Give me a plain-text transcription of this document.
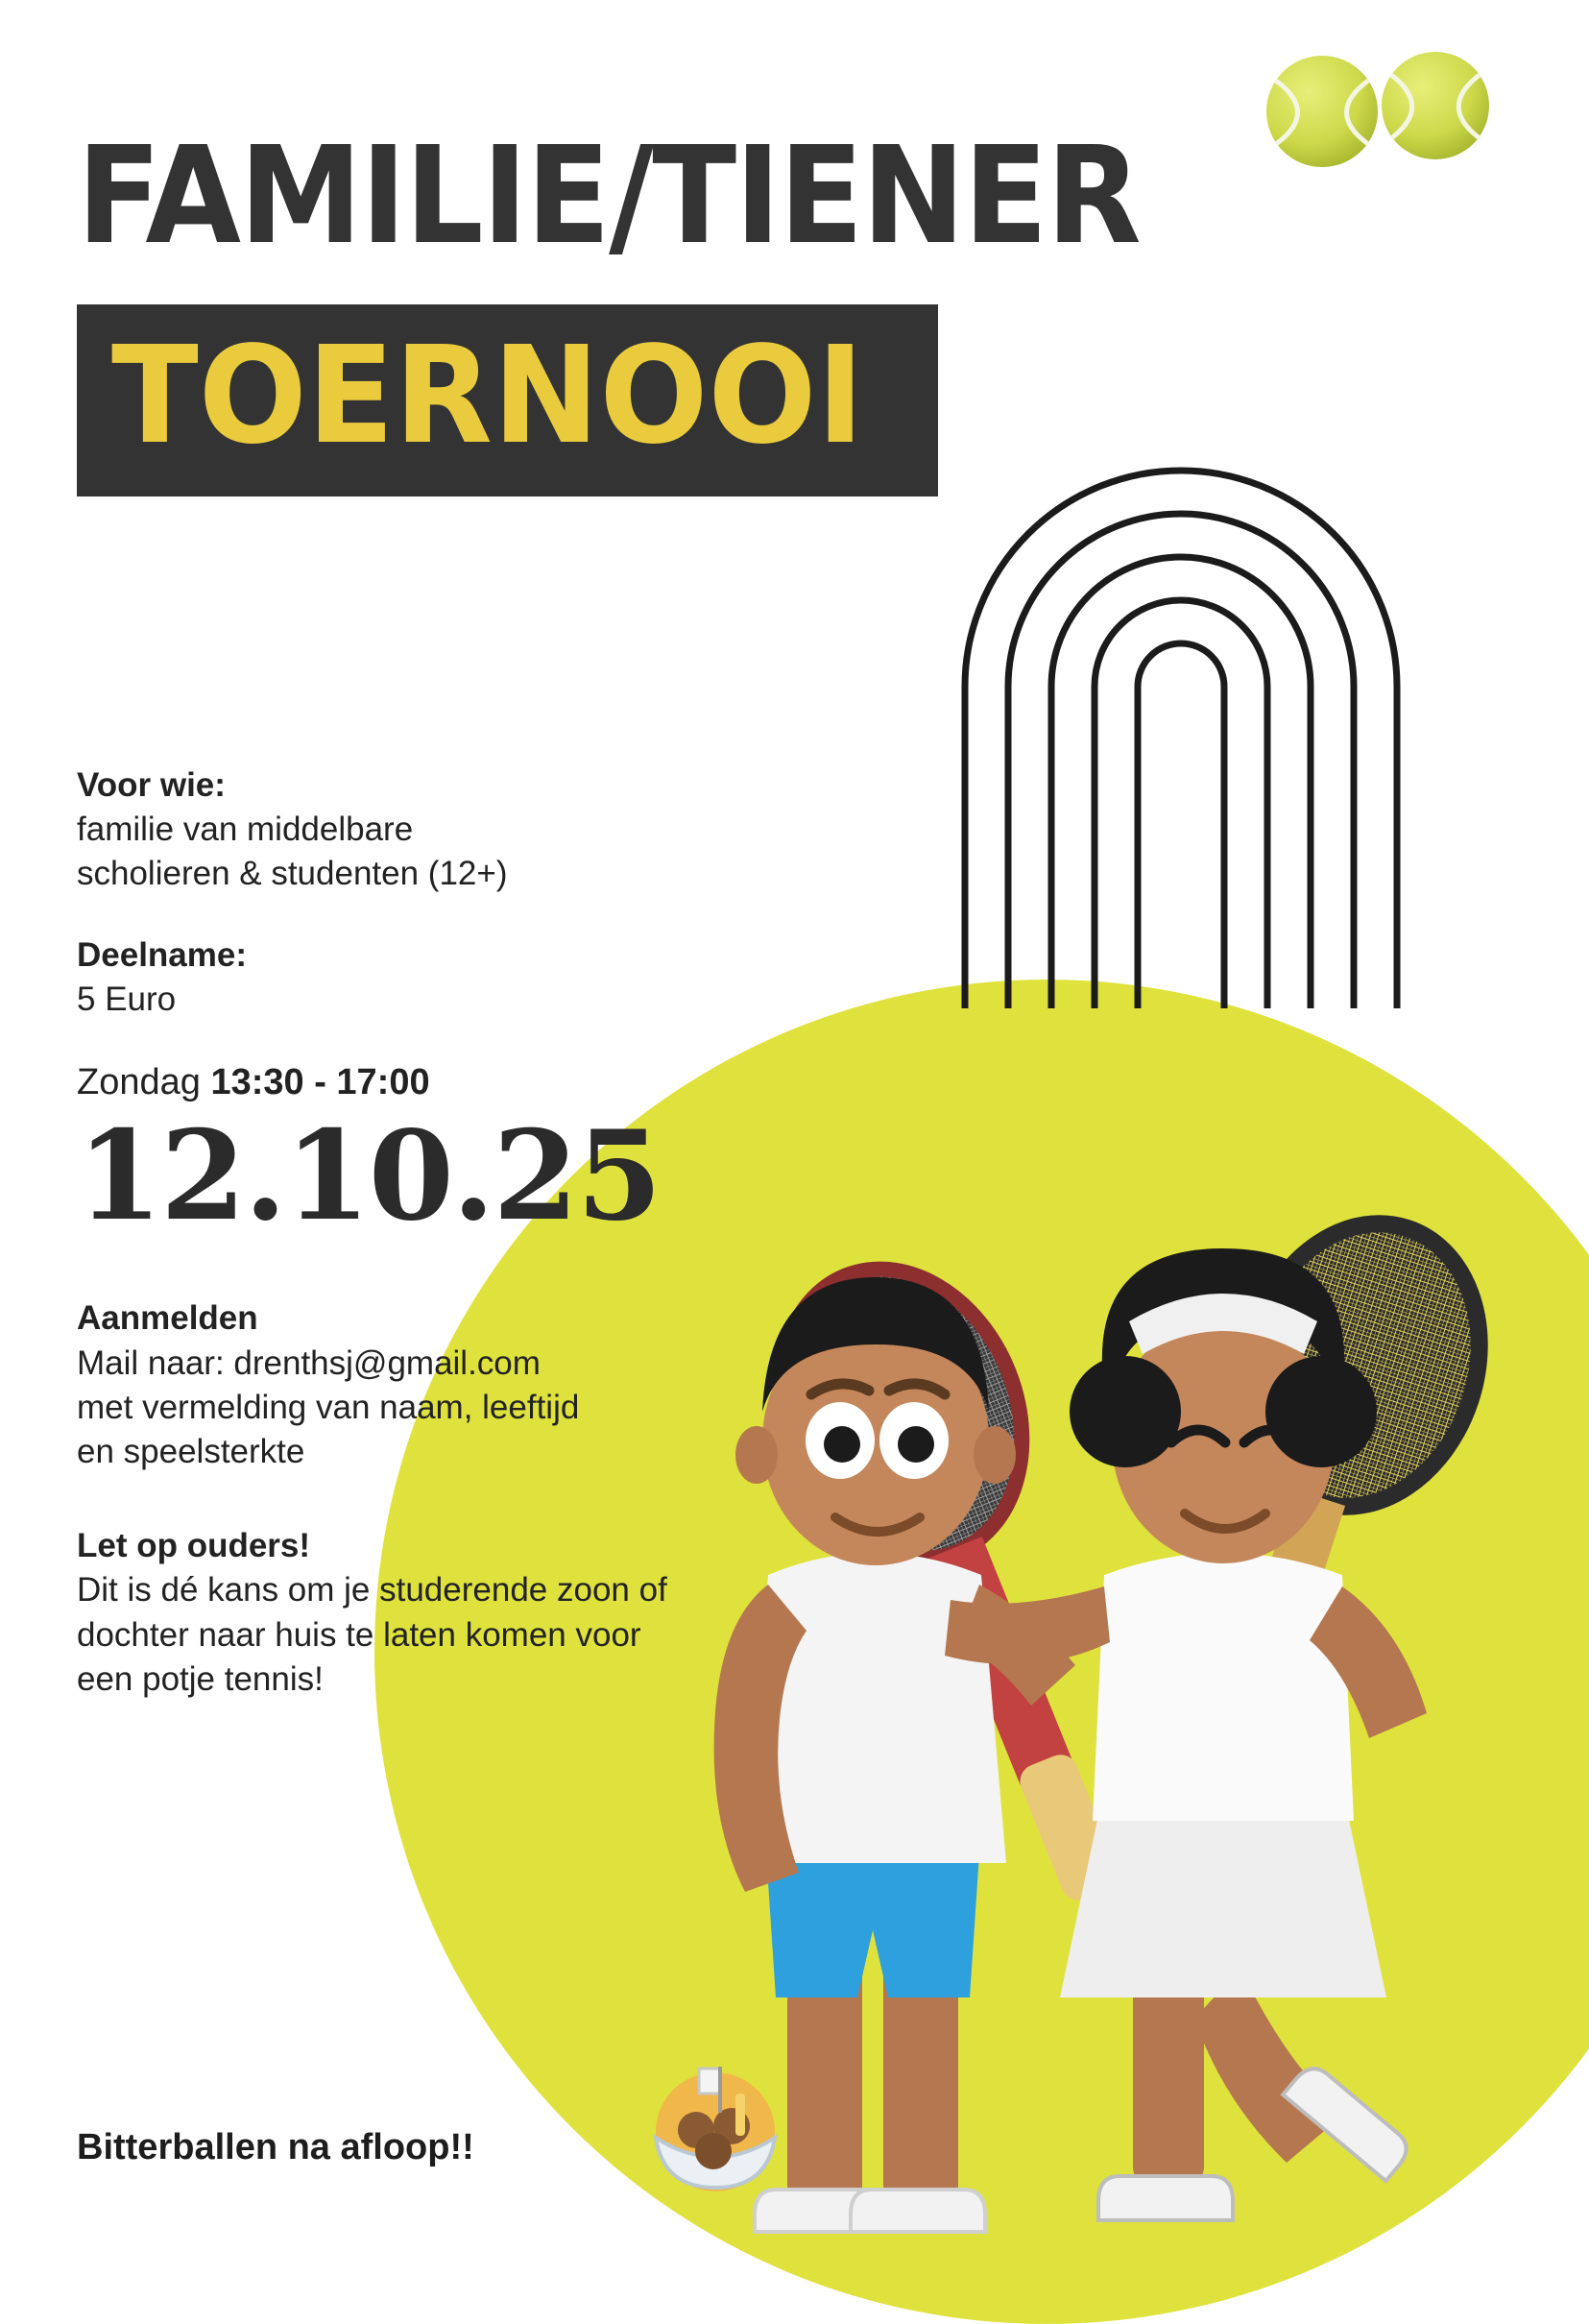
FAMILIE/TIENER
TOERNOOI

Voor wie:

familie van middelbare

scholieren & studenten (12+)

Deelname:

5 Euro

Zondag 13:30 - 17:00

12.10.25

Aanmelden

Mail naar: drenthsj@gmail.com

met vermelding van naam, leeftijd

en speelsterkte

Let op ouders!

Dit is dé kans om je studerende zoon of

dochter naar huis te laten komen voor

een potje tennis!

Bitterballen na afloop!!
